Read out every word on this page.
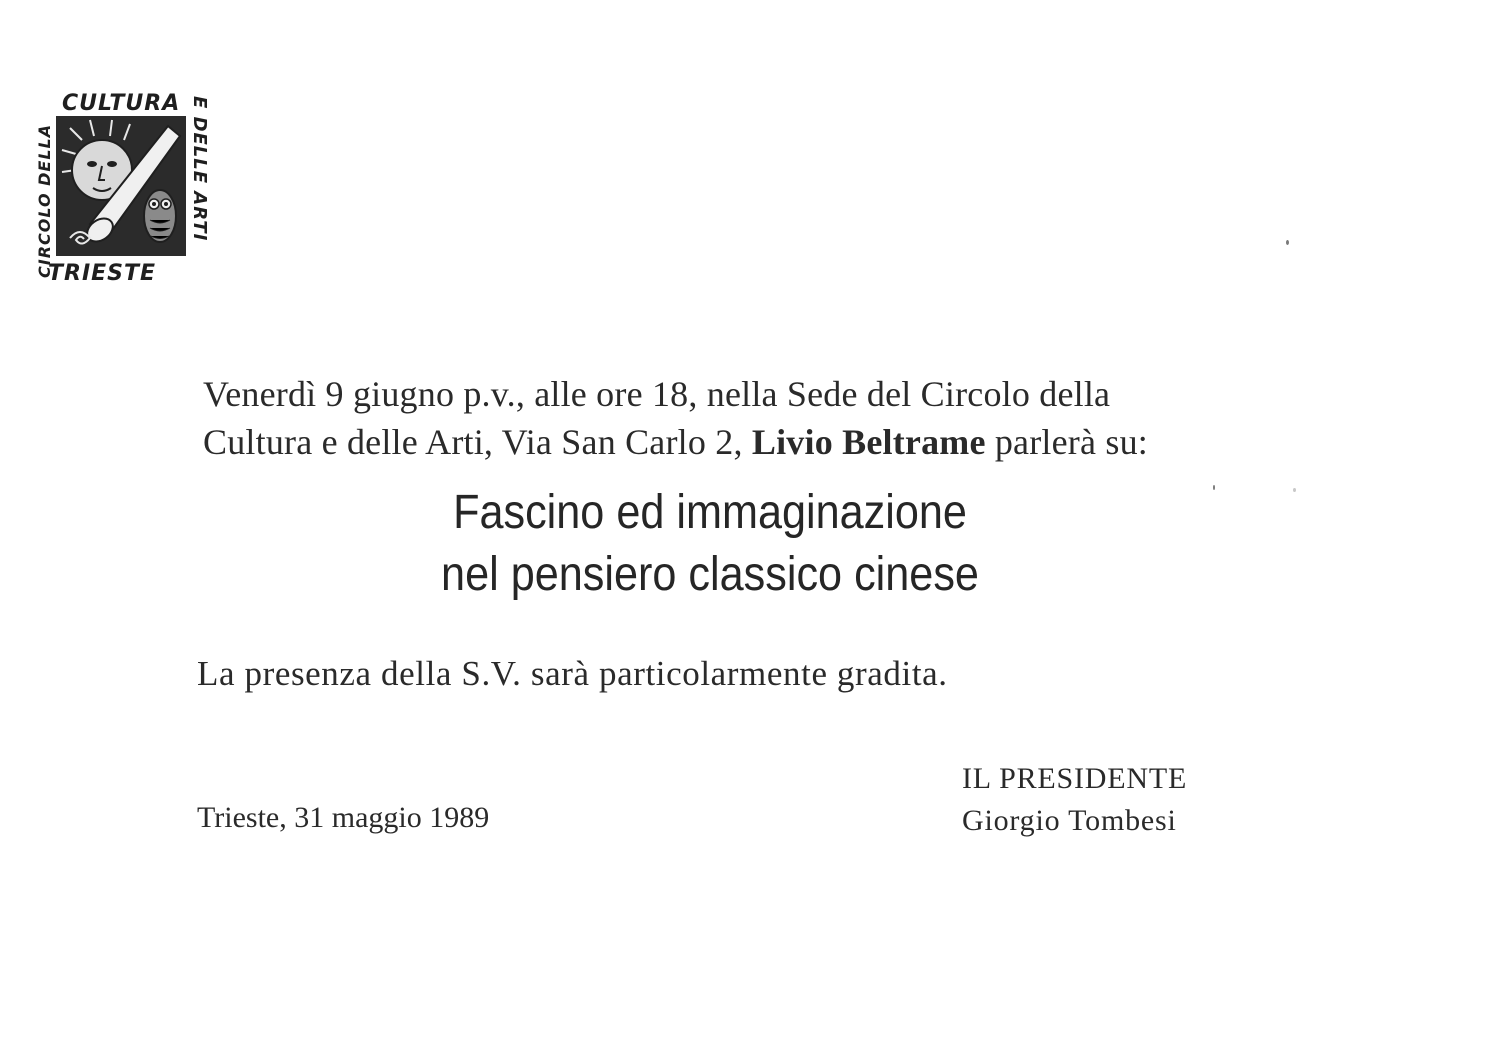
CULTURA
CIRCOLO DELLA	E DELLE ARTI
TRIESTE
Venerdì 9 giugno p.v., alle ore 18, nella Sede del Circolo della
Cultura e delle Arti, Via San Carlo 2, Livio Beltrame parlerà su:
Fascino ed immaginazione
nel pensiero classico cinese
La presenza della S.V. sarà particolarmente gradita.
Trieste, 31 maggio 1989
IL PRESIDENTE
Giorgio Tombesi
